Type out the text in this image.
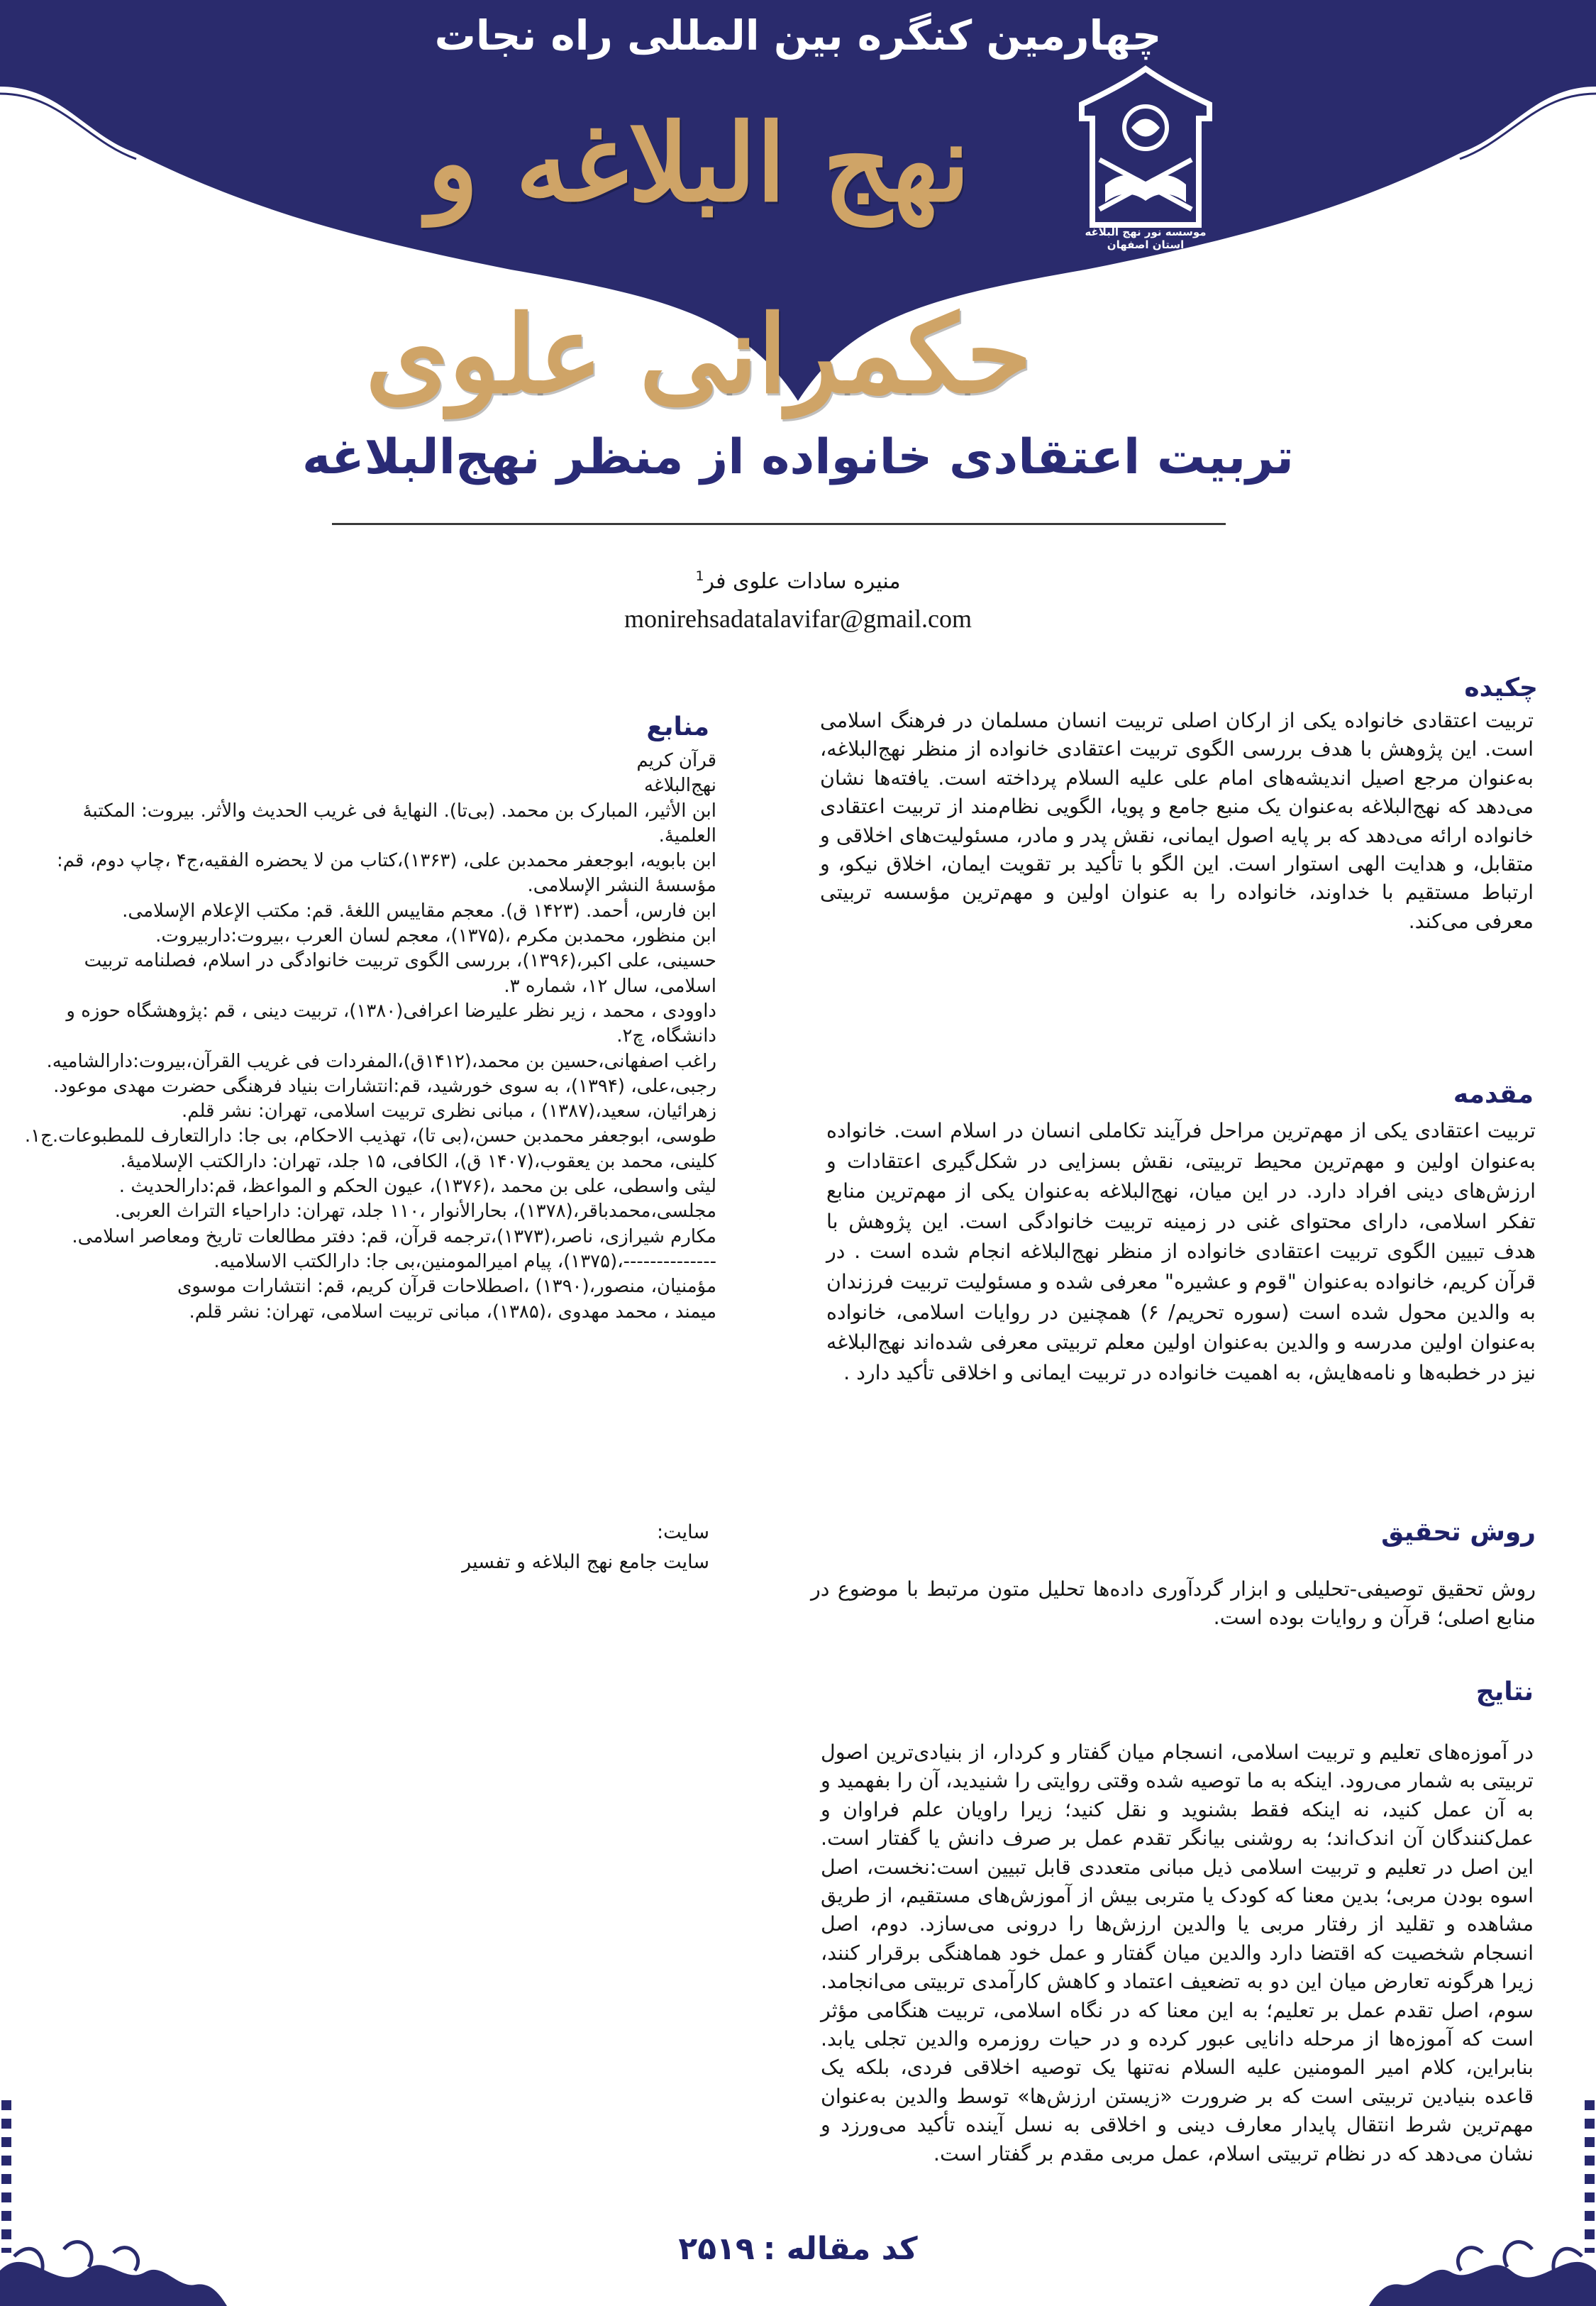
چهارمین کنگره بین المللی راه نجات

نهج البلاغه و حکمرانی علوی

موسسه نور نهج البلاغه استان اصفهان
تربیت اعتقادی خانواده از منظر نهج‌البلاغه
منیره سادات علوی فر$^1$
monirehsadatalavifar@gmail.com
چکیده

تربیت اعتقادی خانواده یکی از ارکان اصلی تربیت انسان مسلمان در فرهنگ اسلامی است. این پژوهش با هدف بررسی الگوی تربیت اعتقادی خانواده از منظر نهج‌البلاغه، به‌عنوان مرجع اصیل اندیشه‌های امام علی علیه السلام پرداخته است. یافته‌ها نشان می‌دهد که نهج‌البلاغه به‌عنوان یک منبع جامع و پویا، الگویی نظام‌مند از تربیت اعتقادی خانواده ارائه می‌دهد که بر پایه اصول ایمانی، نقش پدر و مادر، مسئولیت‌های اخلاقی و متقابل، و هدایت الهی استوار است. این الگو با تأکید بر تقویت ایمان، اخلاق نیکو، و ارتباط مستقیم با خداوند، خانواده را به عنوان اولین و مهم‌ترین مؤسسه تربیتی معرفی می‌کند.

مقدمه

تربیت اعتقادی یکی از مهم‌ترین مراحل فرآیند تکاملی انسان در اسلام است. خانواده به‌عنوان اولین و مهم‌ترین محیط تربیتی، نقش بسزایی در شکل‌گیری اعتقادات و ارزش‌های دینی افراد دارد. در این میان، نهج‌البلاغه به‌عنوان یکی از مهم‌ترین منابع تفکر اسلامی، دارای محتوای غنی در زمینه تربیت خانوادگی است. این پژوهش با هدف تبیین الگوی تربیت اعتقادی خانواده از منظر نهج‌البلاغه انجام شده است . در قرآن کریم، خانواده به‌عنوان "قوم و عشیره" معرفی شده و مسئولیت تربیت فرزندان به والدین محول شده است (سوره تحریم/ ۶) همچنین در روایات اسلامی، خانواده به‌عنوان اولین مدرسه و والدین به‌عنوان اولین معلم تربیتی معرفی شده‌اند نهج‌البلاغه نیز در خطبه‌ها و نامه‌هایش، به اهمیت خانواده در تربیت ایمانی و اخلاقی تأکید دارد .

روش تحقیق

روش تحقیق توصیفی-تحلیلی و ابزار گردآوری داده‌ها تحلیل متون مرتبط با موضوع در منابع اصلی؛ قرآن و روایات بوده است.

نتایج

در آموزه‌های تعلیم و تربیت اسلامی، انسجام میان گفتار و کردار، از بنیادی‌ترین اصول تربیتی به شمار می‌رود. اینکه به ما توصیه شده وقتی روایتی را شنیدید، آن را بفهمید و به آن عمل کنید، نه اینکه فقط بشنوید و نقل کنید؛ زیرا راویان علم فراوان و عمل‌کنندگان آن اندک‌اند؛ به روشنی بیانگر تقدم عمل بر صرف دانش یا گفتار است. این اصل در تعلیم و تربیت اسلامی ذیل مبانی متعددی قابل تبیین است:نخست، اصل اسوه بودن مربی؛ بدین معنا که کودک یا متربی بیش از آموزش‌های مستقیم، از طریق مشاهده و تقلید از رفتار مربی یا والدین ارزش‌ها را درونی می‌سازد. دوم، اصل انسجام شخصیت که اقتضا دارد والدین میان گفتار و عمل خود هماهنگی برقرار کنند، زیرا هرگونه تعارض میان این دو به تضعیف اعتماد و کاهش کارآمدی تربیتی می‌انجامد. سوم، اصل تقدم عمل بر تعلیم؛ به این معنا که در نگاه اسلامی، تربیت هنگامی مؤثر است که آموزه‌ها از مرحله دانایی عبور کرده و در حیات روزمره والدین تجلی یابد. بنابراین، کلام امیر المومنین علیه السلام نه‌تنها یک توصیه اخلاقی فردی، بلکه یک قاعده بنیادین تربیتی است که بر ضرورت «زیستن ارزش‌ها» توسط والدین به‌عنوان مهم‌ترین شرط انتقال پایدار معارف دینی و اخلاقی به نسل آینده تأکید می‌ورزد و نشان می‌دهد که در نظام تربیتی اسلام، عمل مربی مقدم بر گفتار است.

منابع
قرآن کریم
نهج‌البلاغه
ابن الأثیر، المبارک بن محمد. (بی‌تا). النهایهٔ فی غریب الحدیث والأثر. بیروت: المکتبهٔ
العلمیهٔ.
ابن بابویه، ابوجعفر محمدبن علی، (۱۳۶۳)،کتاب من لا یحضره الفقیه،ج۴ ،چاپ دوم، قم:
مؤسسهٔ النشر الإسلامی.
ابن فارس، أحمد. (۱۴۲۳ ق). معجم مقاییس اللغهٔ. قم: مکتب الإعلام الإسلامی.
ابن منظور، محمدبن مکرم ،(۱۳۷۵)، معجم لسان العرب ،بیروت:داربیروت.
حسینی، علی اکبر،(۱۳۹۶)، بررسی الگوی تربیت خانوادگی در اسلام، فصلنامه تربیت
اسلامی، سال ۱۲، شماره ۳.
داوودی ، محمد ، زیر نظر علیرضا اعرافی(۱۳۸۰)، تربیت دینی ، قم :پژوهشگاه حوزه و
دانشگاه، چ۲.
راغب اصفهانی،حسین بن محمد،(۱۴۱۲ق)،المفردات فی غریب القرآن،بیروت:دارالشامیه.
رجبی،علی، (۱۳۹۴)، به سوی خورشید، قم:انتشارات بنیاد فرهنگی حضرت مهدی موعود.
زهرائیان، سعید،(۱۳۸۷) ، مبانی نظری تربیت اسلامی، تهران: نشر قلم.
طوسی، ابوجعفر محمدبن حسن،(بی تا)، تهذیب الاحکام، بی جا: دارالتعارف للمطبوعات.ج۱.
کلینی، محمد بن یعقوب،(۱۴۰۷ ق)، الکافی، ۱۵ جلد، تهران: دارالکتب الإسلامیهٔ.
لیثی واسطی، علی بن محمد ،(۱۳۷۶)، عیون الحکم و المواعظ، قم:دارالحدیث .
مجلسی،محمدباقر،(۱۳۷۸)، بحارالأنوار ،۱۱۰ جلد، تهران: داراحیاء التراث العربی.
مکارم شیرازی، ناصر،(۱۳۷۳)،ترجمه قرآن، قم: دفتر مطالعات تاریخ ومعاصر اسلامی.
--------------،(۱۳۷۵)، پیام امیرالمومنین،بی جا: دارالکتب الاسلامیه.
مؤمنیان، منصور،(۱۳۹۰) ،اصطلاحات قرآن کریم، قم: انتشارات موسوی
میمند ، محمد مهدوی ،(۱۳۸۵)، مبانی تربیت اسلامی، تهران: نشر قلم.
سایت:
سایت جامع نهج البلاغه و تفسیر
کد مقاله :۲۵۱۹
